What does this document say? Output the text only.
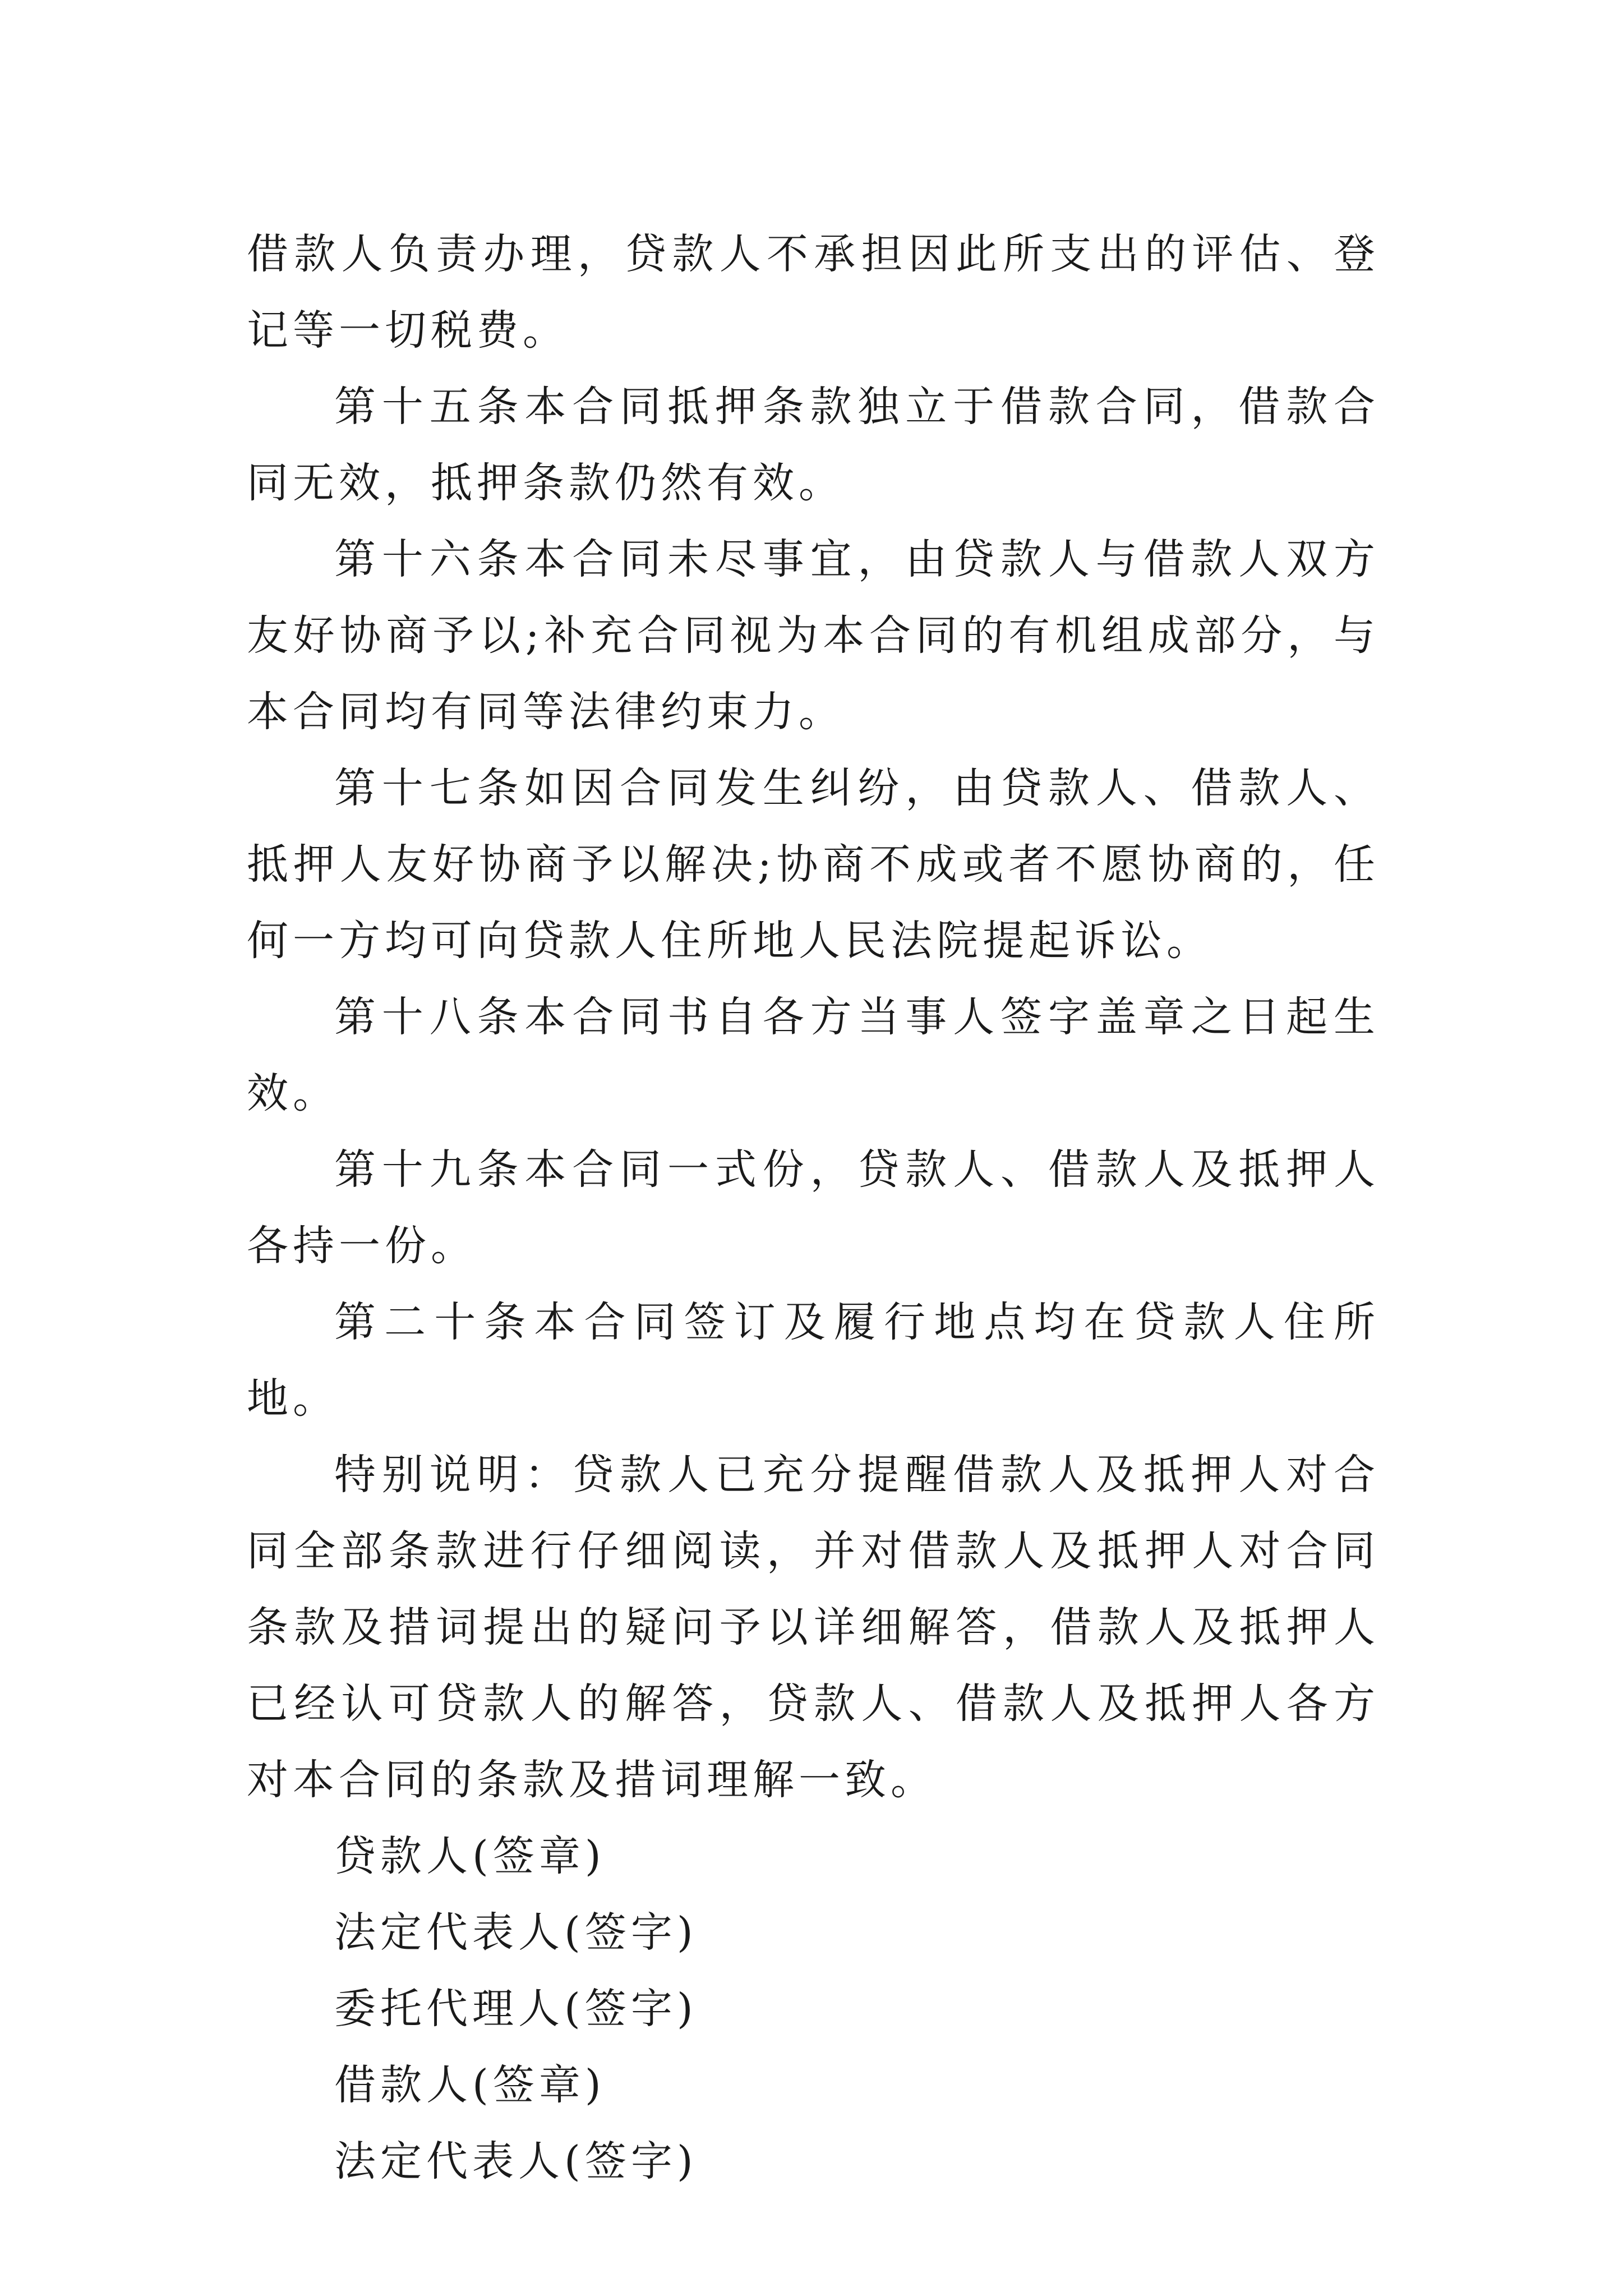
借款人负责办理，贷款人不承担因此所支出的评估、登记等一切税费。

第十五条本合同抵押条款独立于借款合同，借款合同无效，抵押条款仍然有效。

第十六条本合同未尽事宜，由贷款人与借款人双方友好协商予以;补充合同视为本合同的有机组成部分，与本合同均有同等法律约束力。

第十七条如因合同发生纠纷，由贷款人、借款人、抵押人友好协商予以解决;协商不成或者不愿协商的，任何一方均可向贷款人住所地人民法院提起诉讼。

第十八条本合同书自各方当事人签字盖章之日起生效。

第十九条本合同一式份，贷款人、借款人及抵押人各持一份。

第二十条本合同签订及履行地点均在贷款人住所地。

特别说明：贷款人已充分提醒借款人及抵押人对合同全部条款进行仔细阅读，并对借款人及抵押人对合同条款及措词提出的疑问予以详细解答，借款人及抵押人已经认可贷款人的解答，贷款人、借款人及抵押人各方对本合同的条款及措词理解一致。

贷款人(签章)

法定代表人(签字)

委托代理人(签字)

借款人(签章)

法定代表人(签字)
